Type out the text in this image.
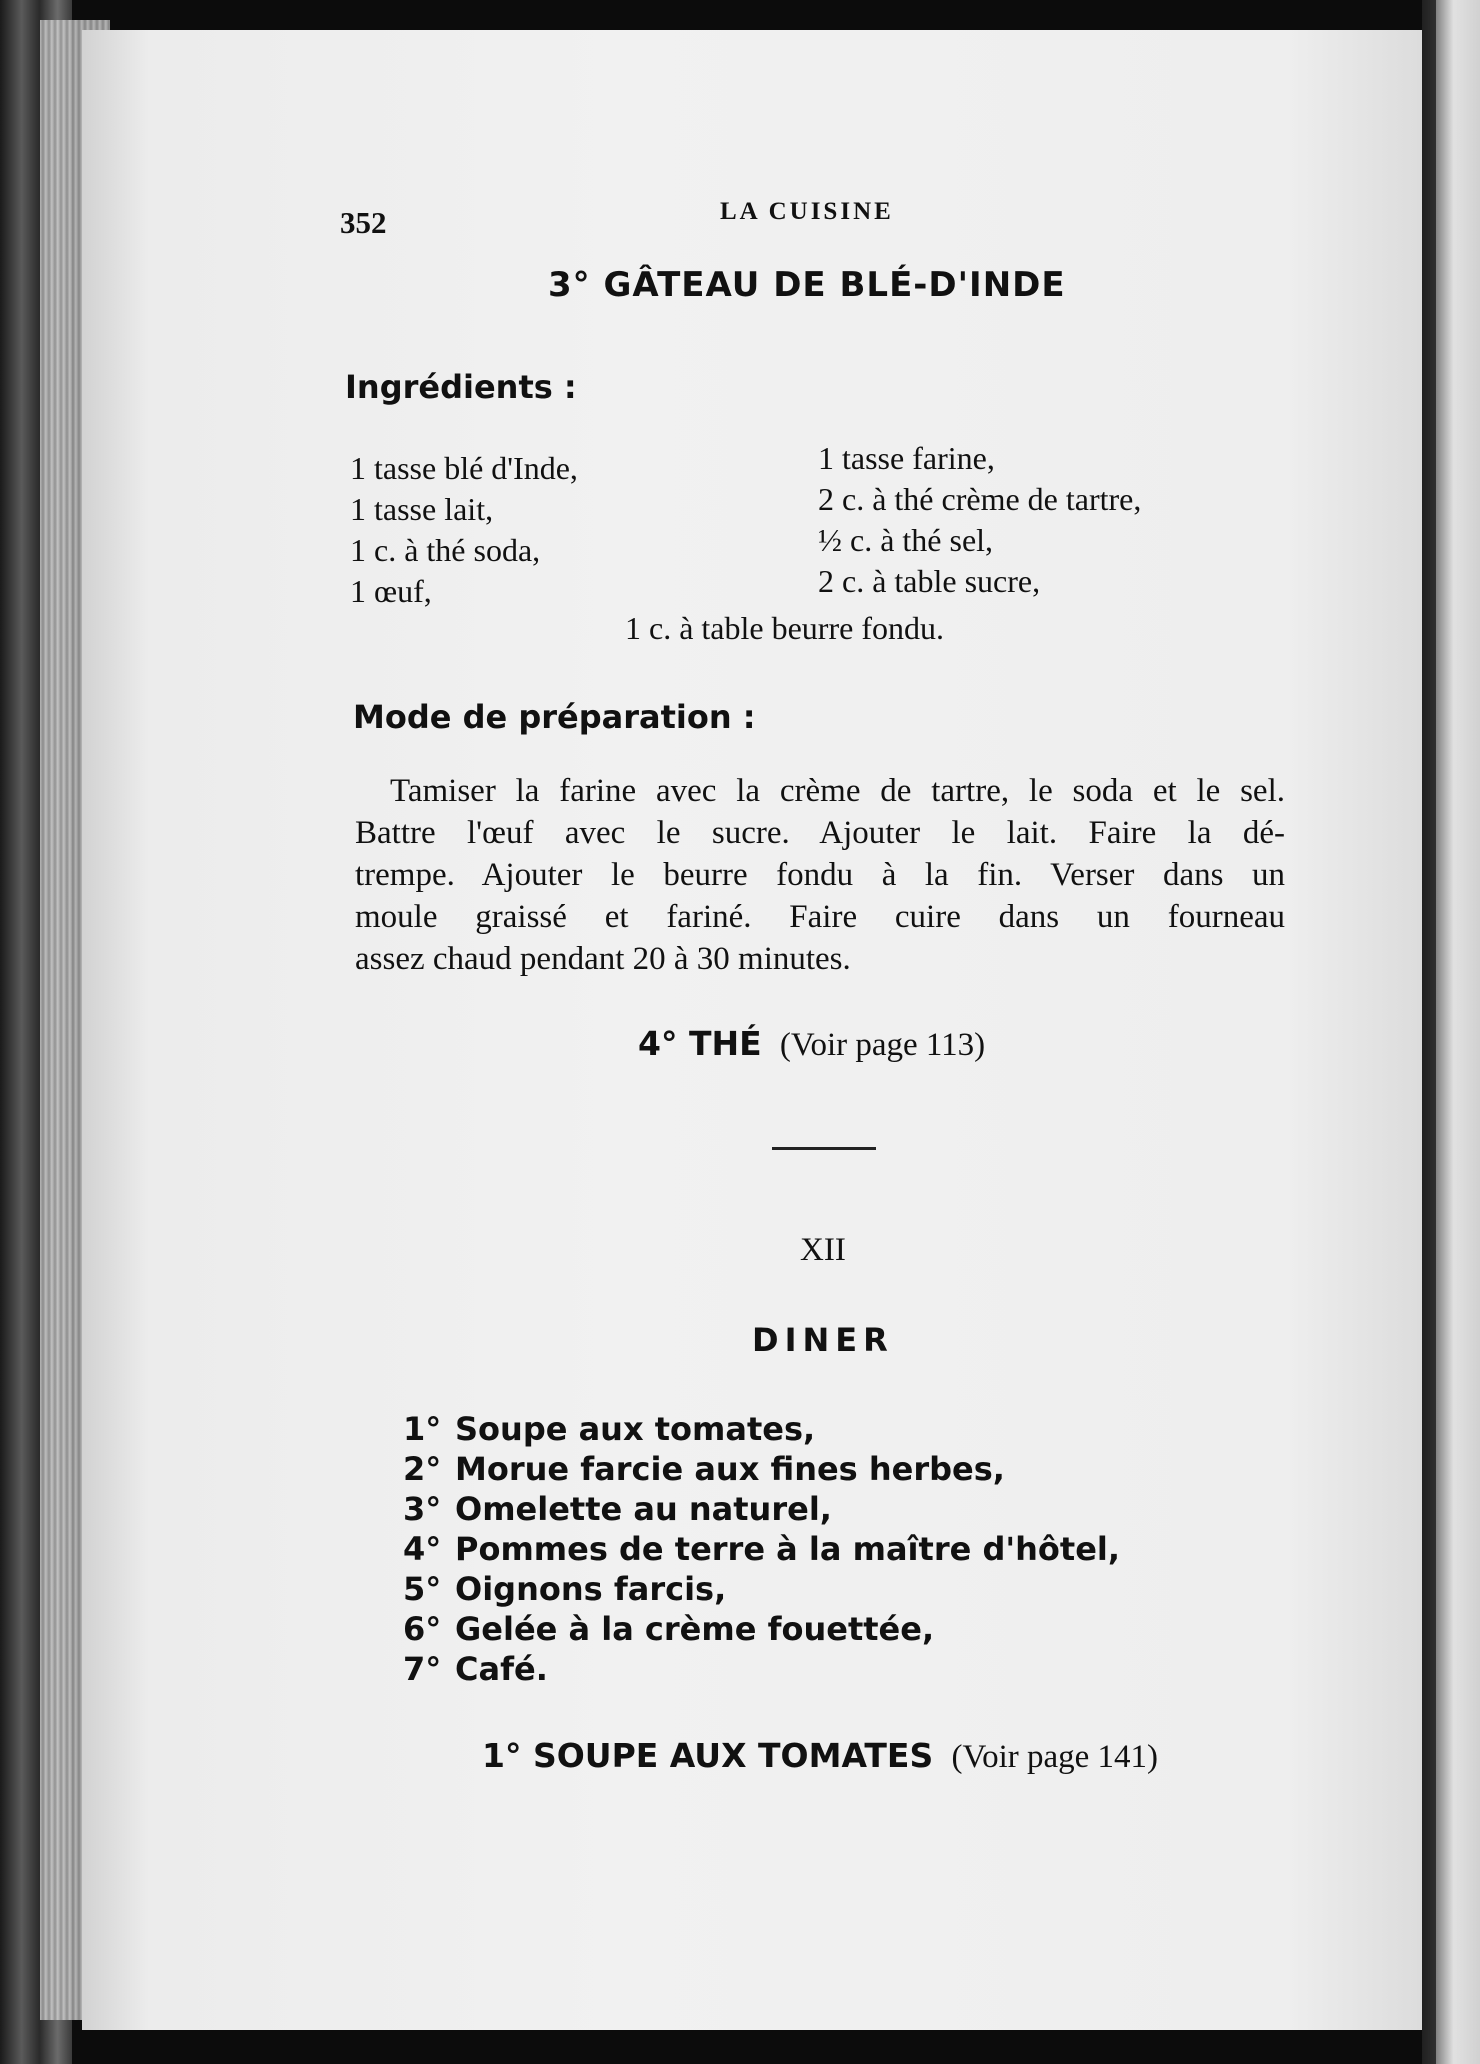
352	LA CUISINE
3° GÂTEAU DE BLÉ-D'INDE
Ingrédients :
1 tasse blé d'Inde,
1 tasse lait,
1 c. à thé soda,
1 œuf,
1 tasse farine,
2 c. à thé crème de tartre,
½ c. à thé sel,
2 c. à table sucre,
1 c. à table beurre fondu.
Mode de préparation :
Tamiser la farine avec la crème de tartre, le soda et le sel.
Battre l'œuf avec le sucre. Ajouter le lait. Faire la dé-
trempe. Ajouter le beurre fondu à la fin. Verser dans un
moule graissé et fariné. Faire cuire dans un fourneau
assez chaud pendant 20 à 30 minutes.
4° THÉ (Voir page 113)
XII
DINER
1° Soupe aux tomates,
2° Morue farcie aux fines herbes,
3° Omelette au naturel,
4° Pommes de terre à la maître d'hôtel,
5° Oignons farcis,
6° Gelée à la crème fouettée,
7° Café.
1° SOUPE AUX TOMATES (Voir page 141)
